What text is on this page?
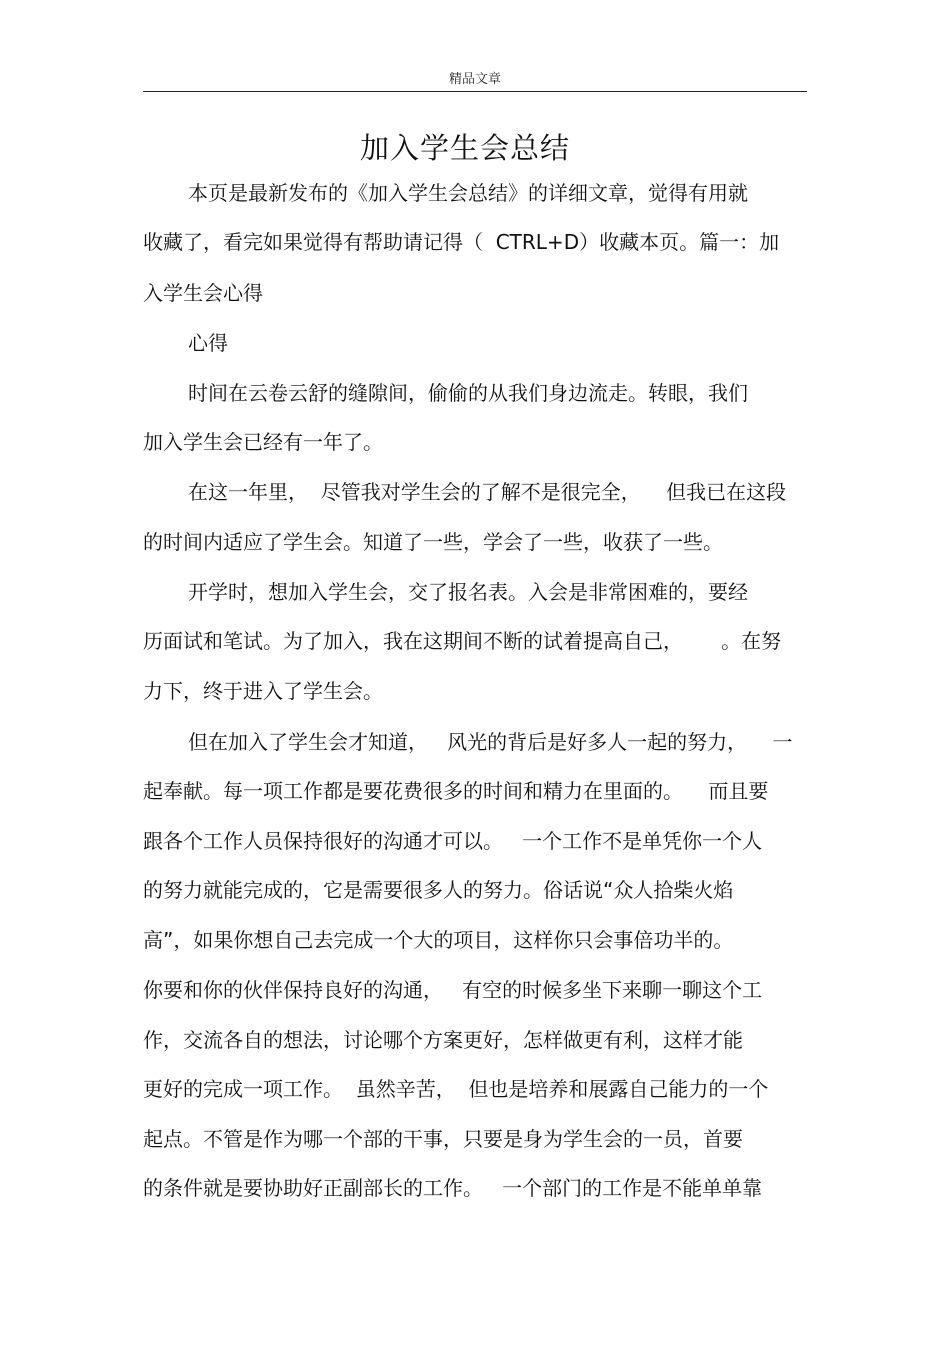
精品文章
加入学生会总结
本页是最新发布的《加入学生会总结》的详细文章，觉得有用就
收藏了，看完如果觉得有帮助请记得（  CTRL+D）收藏本页。篇一：加
入学生会心得
心得
时间在云卷云舒的缝隙间，偷偷的从我们身边流走。转眼，我们
加入学生会已经有一年了。
在这一年里，  尽管我对学生会的了解不是很完全，    但我已在这段
的时间内适应了学生会。知道了一些，学会了一些，收获了一些。
开学时，想加入学生会，交了报名表。入会是非常困难的，要经
历面试和笔试。为了加入，我在这期间不断的试着提高自己，      。在努
力下，终于进入了学生会。
但在加入了学生会才知道，   风光的背后是好多人一起的努力，    一
起奉献。每一项工作都是要花费很多的时间和精力在里面的。    而且要
跟各个工作人员保持很好的沟通才可以。   一个工作不是单凭你一个人
的努力就能完成的，它是需要很多人的努力。俗话说“众人拾柴火焰
高”，如果你想自己去完成一个大的项目，这样你只会事倍功半的。
你要和你的伙伴保持良好的沟通，   有空的时候多坐下来聊一聊这个工
作，交流各自的想法，讨论哪个方案更好，怎样做更有利，这样才能
更好的完成一项工作。  虽然辛苦，  但也是培养和展露自己能力的一个
起点。不管是作为哪一个部的干事，只要是身为学生会的一员，首要
的条件就是要协助好正副部长的工作。   一个部门的工作是不能单单靠
